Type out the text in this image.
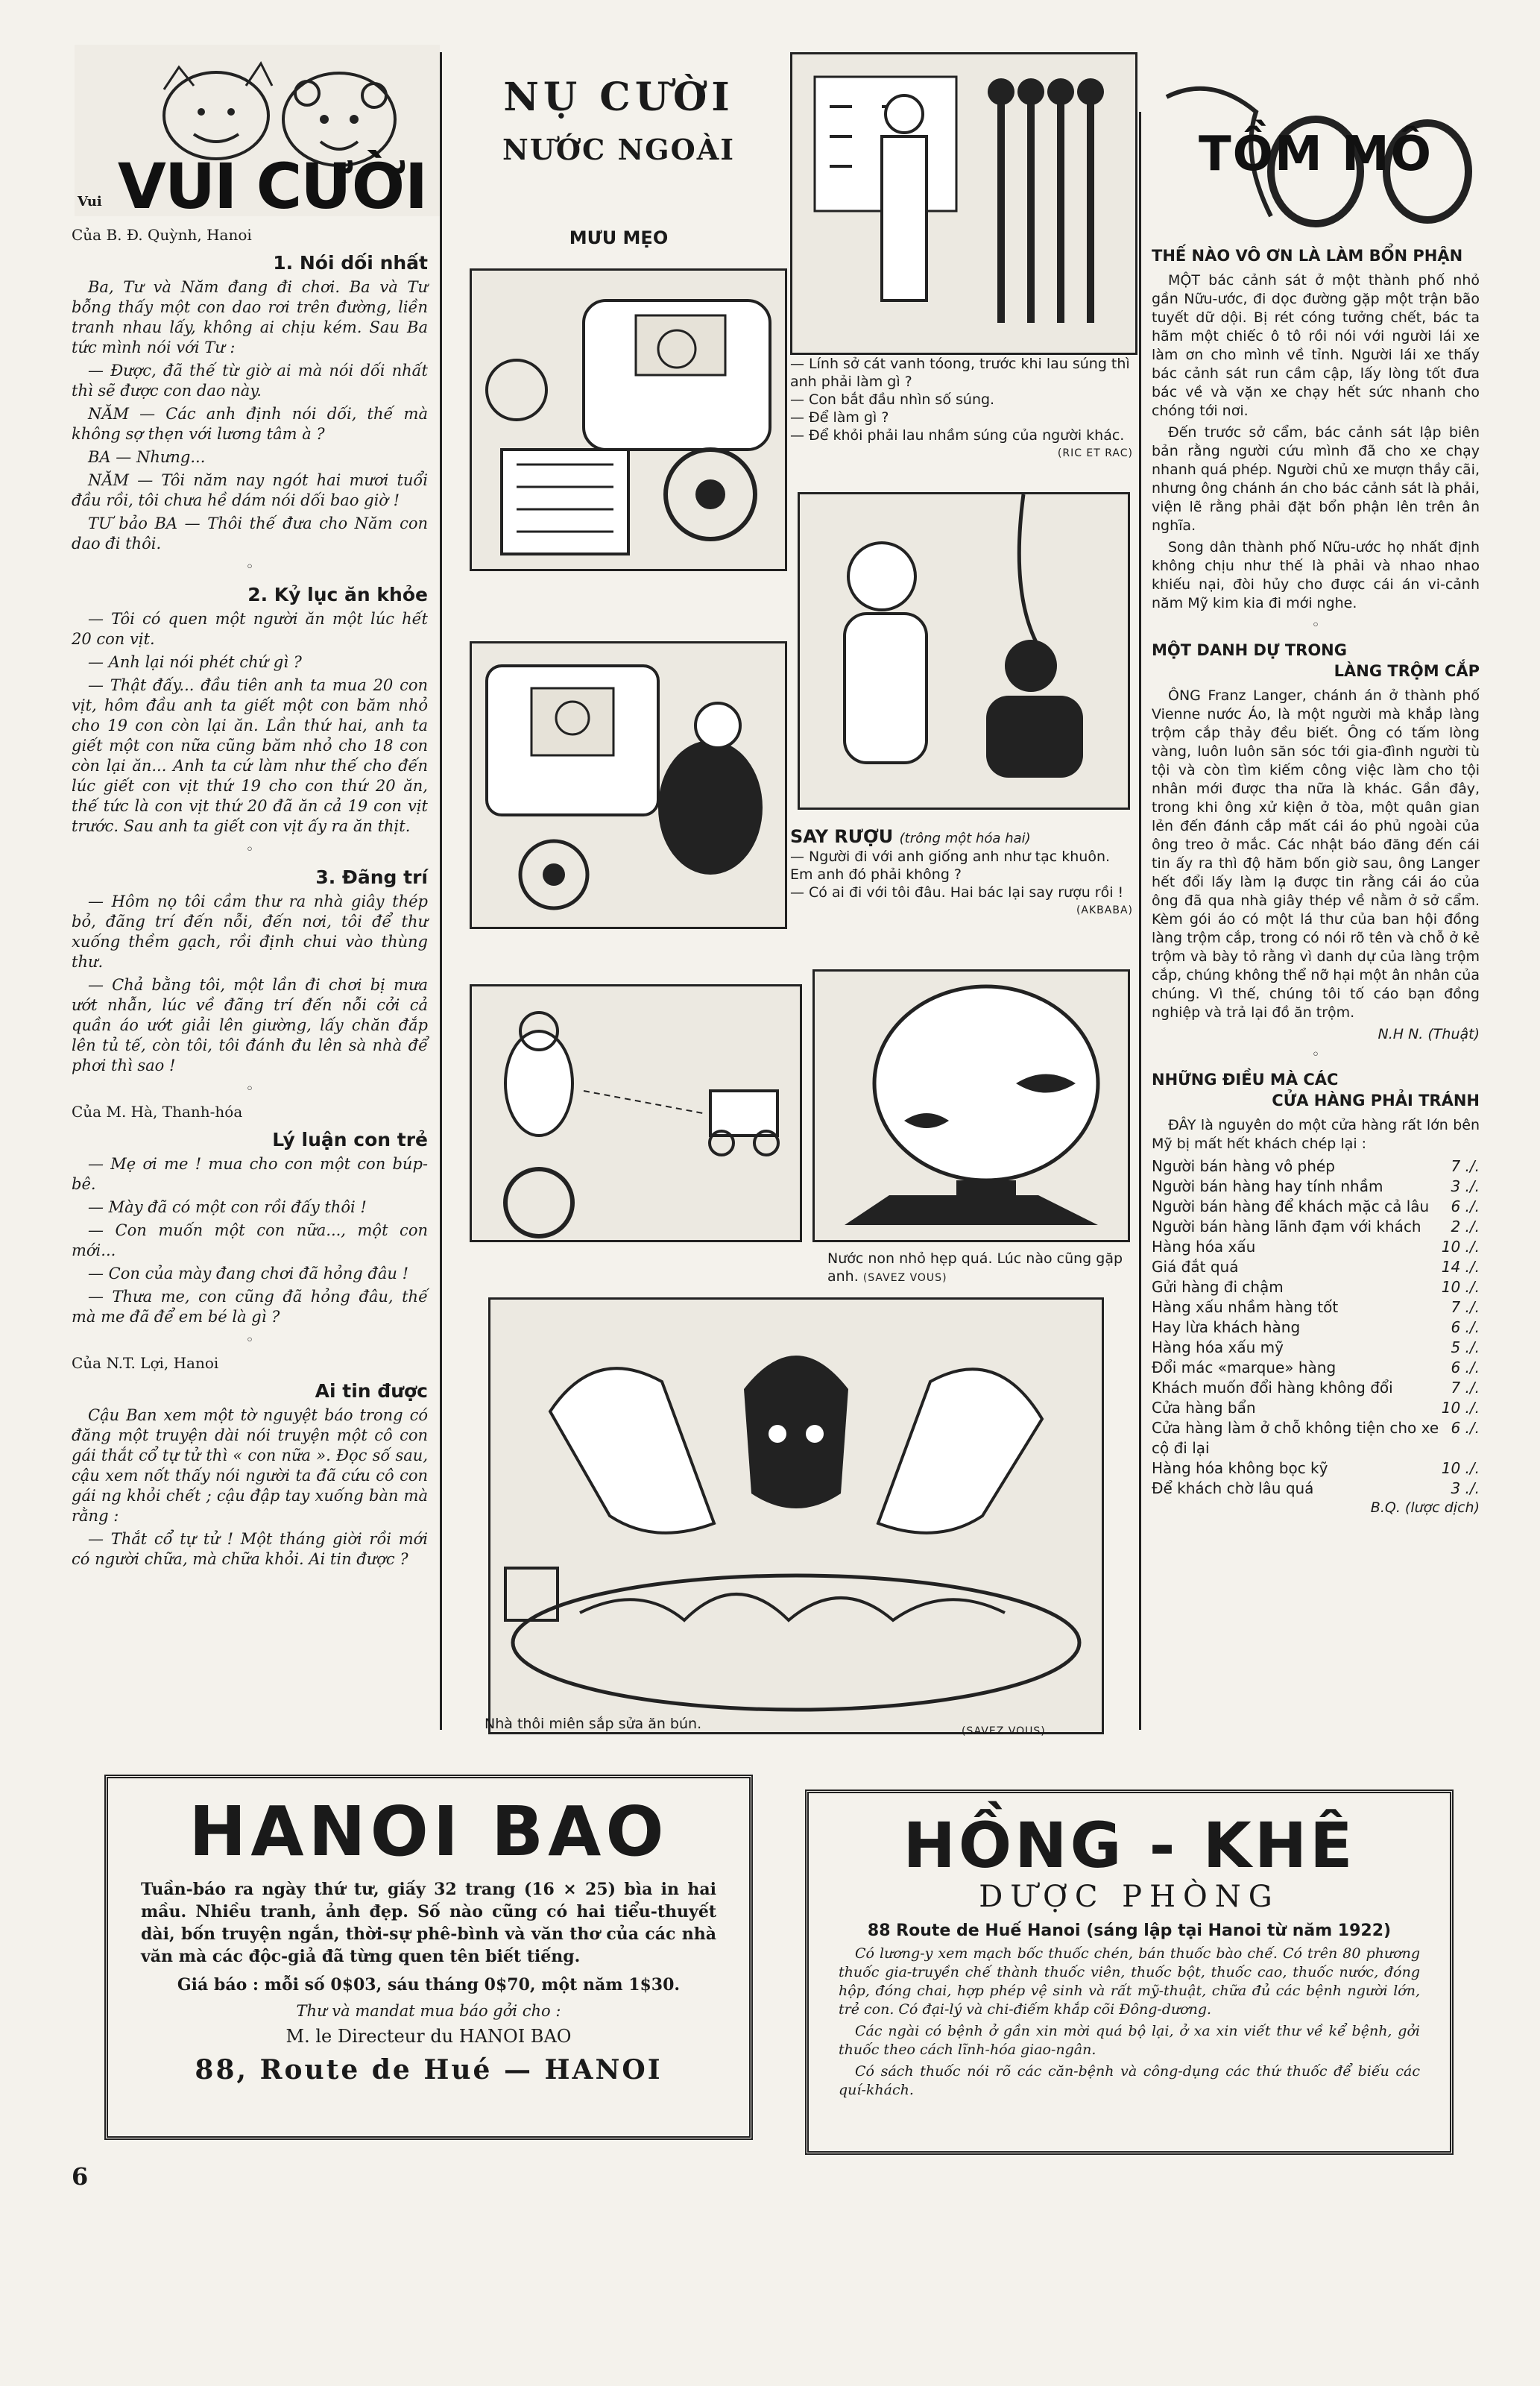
VUI CƯỜI
Vui
Của B. Đ. Quỳnh, Hanoi
1. Nói dối nhất

Ba, Tư và Năm đang đi chơi. Ba và Tư bỗng thấy một con dao rơi trên đường, liền tranh nhau lấy, không ai chịu kém. Sau Ba tức mình nói với Tư :

— Được, đã thế từ giờ ai mà nói dối nhất thì sẽ được con dao này.

NĂM — Các anh định nói dối, thế mà không sợ thẹn với lương tâm à ?

BA — Nhưng...

NĂM — Tôi năm nay ngót hai mươi tuổi đầu rồi, tôi chưa hề dám nói dối bao giờ !

TƯ bảo BA — Thôi thế đưa cho Năm con dao đi thôi.

◦
2. Kỷ lục ăn khỏe

— Tôi có quen một người ăn một lúc hết 20 con vịt.

— Anh lại nói phét chứ gì ?

— Thật đấy... đầu tiên anh ta mua 20 con vịt, hôm đầu anh ta giết một con băm nhỏ cho 19 con còn lại ăn. Lần thứ hai, anh ta giết một con nữa cũng băm nhỏ cho 18 con còn lại ăn... Anh ta cứ làm như thế cho đến lúc giết con vịt thứ 19 cho con thứ 20 ăn, thế tức là con vịt thứ 20 đã ăn cả 19 con vịt trước. Sau anh ta giết con vịt ấy ra ăn thịt.

◦
3. Đãng trí

— Hôm nọ tôi cầm thư ra nhà giây thép bỏ, đãng trí đến nỗi, đến nơi, tôi để thư xuống thềm gạch, rồi định chui vào thùng thư.

— Chả bằng tôi, một lần đi chơi bị mưa ướt nhẫn, lúc về đãng trí đến nỗi cởi cả quần áo ướt giải lên giường, lấy chăn đắp lên tủ tế, còn tôi, tôi đánh đu lên sà nhà để phơi thì sao !

◦
Của M. Hà, Thanh-hóa
Lý luận con trẻ

— Mẹ ơi me ! mua cho con một con búp-bê.

— Mày đã có một con rồi đấy thôi !

— Con muốn một con nữa..., một con mới...

— Con của mày đang chơi đã hỏng đâu !

— Thưa me, con cũng đã hỏng đâu, thế mà me đã để em bé là gì ?

◦
Của N.T. Lợi, Hanoi
Ai tin được

Cậu Ban xem một tờ nguyệt báo trong có đăng một truyện dài nói truyện một cô con gái thắt cổ tự tử thì « con nữa ». Đọc số sau, cậu xem nốt thấy nói người ta đã cứu cô con gái ng khỏi chết ; cậu đập tay xuống bàn mà rằng :

— Thắt cổ tự tử ! Một tháng giời rồi mới có người chữa, mà chữa khỏi. Ai tin được ?

NỤ CƯỜI
NƯỚC NGOÀI
MƯU MẸO
Nhà thôi miên sắp sửa ăn bún.	(SAVEZ VOUS)
— Lính sở cát vanh tóong, trước khi lau súng thì anh phải làm gì ?
— Con bắt đầu nhìn số súng.
— Để làm gì ?
— Để khỏi phải lau nhầm súng của người khác.
(RIC ET RAC)
SAY RƯỢU (trông một hóa hai)
— Người đi với anh giống anh như tạc khuôn. Em anh đó phải không ?
— Có ai đi với tôi đâu. Hai bác lại say rượu rồi !
(AKBABA)
Nước non nhỏ hẹp quá. Lúc nào cũng gặp anh. (SAVEZ VOUS)
TỒM MÔ
THẾ NÀO VÔ ƠN LÀ LÀM BỔN PHẬN

MỘT bác cảnh sát ở một thành phố nhỏ gần Nữu-ước, đi dọc đường gặp một trận bão tuyết dữ dội. Bị rét cóng tưởng chết, bác ta hãm một chiếc ô tô rồi nói với người lái xe làm ơn cho mình về tỉnh. Người lái xe thấy bác cảnh sát run cầm cập, lấy lòng tốt đưa bác về và vặn xe chạy hết sức nhanh cho chóng tới nơi.

Đến trước sở cẩm, bác cảnh sát lập biên bản rằng người cứu mình đã cho xe chạy nhanh quá phép. Người chủ xe mượn thầy cãi, nhưng ông chánh án cho bác cảnh sát là phải, viện lẽ rằng phải đặt bổn phận lên trên ân nghĩa.

Song dân thành phố Nữu-ước họ nhất định không chịu như thế là phải và nhao nhao khiếu nại, đòi hủy cho được cái án vi-cảnh năm Mỹ kim kia đi mới nghe.

◦
MỘT DANH DỰ TRONG
LÀNG TRỘM CẮP

ÔNG Franz Langer, chánh án ở thành phố Vienne nước Áo, là một người mà khắp làng trộm cắp thảy đều biết. Ông có tấm lòng vàng, luôn luôn săn sóc tới gia-đình người tù tội và còn tìm kiếm công việc làm cho tội nhân mới được tha nữa là khác. Gần đây, trong khi ông xử kiện ở tòa, một quân gian lẻn đến đánh cắp mất cái áo phủ ngoài của ông treo ở mắc. Các nhật báo đăng đến cái tin ấy ra thì độ hăm bốn giờ sau, ông Langer hết đổi lấy làm lạ được tin rằng cái áo của ông đã qua nhà giây thép về nằm ở sở cẩm. Kèm gói áo có một lá thư của ban hội đồng làng trộm cắp, trong có nói rõ tên và chỗ ở kẻ trộm và bày tỏ rằng vì danh dự của làng trộm cắp, chúng không thể nỡ hại một ân nhân của chúng. Vì thế, chúng tôi tố cáo bạn đồng nghiệp và trả lại đồ ăn trộm.

N.H N. (Thuật)
◦
NHỮNG ĐIỀU MÀ CÁC
CỬA HÀNG PHẢI TRÁNH

ĐÂY là nguyên do một cửa hàng rất lớn bên Mỹ bị mất hết khách chép lại :

Người bán hàng vô phép	7 ./.
Người bán hàng hay tính nhầm	3 ./.
Người bán hàng để khách mặc cả lâu	6 ./.
Người bán hàng lãnh đạm với khách	2 ./.
Hàng hóa xấu	10 ./.
Giá đắt quá	14 ./.
Gửi hàng đi chậm	10 ./.
Hàng xấu nhầm hàng tốt	7 ./.
Hay lừa khách hàng	6 ./.
Hàng hóa xấu mỹ	5 ./.
Đổi mác «marque» hàng	6 ./.
Khách muốn đổi hàng không đổi	7 ./.
Cửa hàng bẩn	10 ./.
Cửa hàng làm ở chỗ không tiện cho xe cộ đi lại
6 ./.
Hàng hóa không bọc kỹ	10 ./.
Để khách chờ lâu quá	3 ./.
B.Q. (lược dịch)
HANOI BAO
Tuần-báo ra ngày thứ tư, giấy 32 trang (16 × 25) bìa in hai mầu. Nhiều tranh, ảnh đẹp. Số nào cũng có hai tiểu-thuyết dài, bốn truyện ngắn, thời-sự phê-bình và văn thơ của các nhà văn mà các độc-giả đã từng quen tên biết tiếng.
Giá báo : mỗi số 0$03, sáu tháng 0$70, một năm 1$30.
Thư và mandat mua báo gởi cho :
M. le Directeur du HANOI BAO
88, Route de Hué — HANOI
HỒNG - KHÊ
DƯỢC PHÒNG
88 Route de Huế Hanoi (sáng lập tại Hanoi từ năm 1922)
Có lương-y xem mạch bốc thuốc chén, bán thuốc bào chế. Có trên 80 phương thuốc gia-truyền chế thành thuốc viên, thuốc bột, thuốc cao, thuốc nước, đóng hộp, đóng chai, hợp phép vệ sinh và rất mỹ-thuật, chữa đủ các bệnh người lớn, trẻ con. Có đại-lý và chi-điếm khắp cõi Đông-dương.
Các ngài có bệnh ở gần xin mời quá bộ lại, ở xa xin viết thư về kể bệnh, gởi thuốc theo cách lĩnh-hóa giao-ngân.
Có sách thuốc nói rõ các căn-bệnh và công-dụng các thứ thuốc để biếu các quí-khách.
6
